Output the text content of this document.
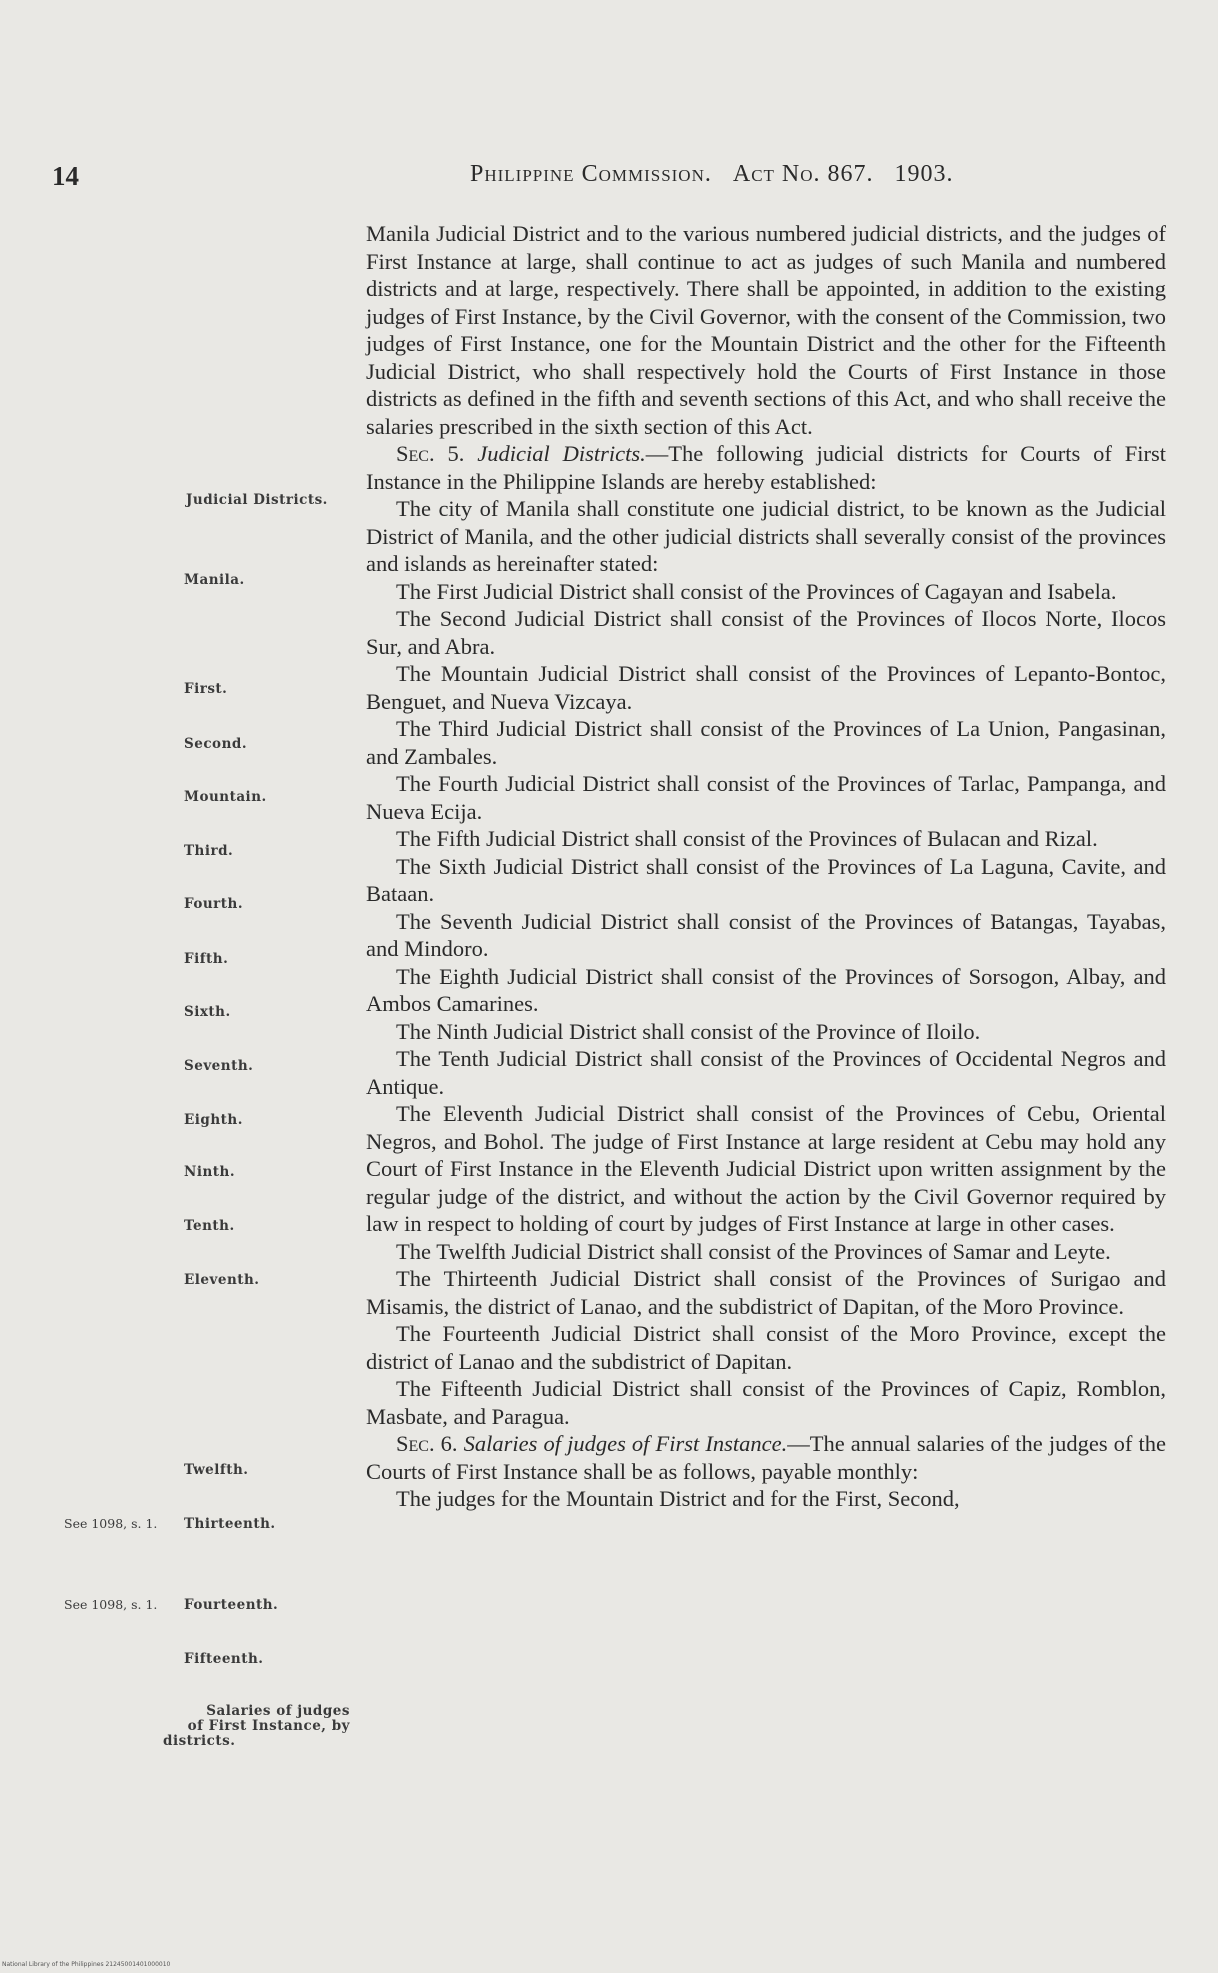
14	Philippine Commission. Act No. 867. 1903.
Judicial Districts.
Manila.
First.
Second.
Mountain.
Third.
Fourth.
Fifth.
Sixth.
Seventh.
Eighth.
Ninth.
Tenth.
Eleventh.
Twelfth.
Thirteenth.
Fourteenth.
Fifteenth.
Salaries of judges
of First Instance, by
districts.
See 1098, s. 1.
See 1098, s. 1.

Manila Judicial District and to the various numbered judicial districts, and the judges of First Instance at large, shall continue to act as judges of such Manila and numbered districts and at large, respectively. There shall be appointed, in addition to the existing judges of First Instance, by the Civil Governor, with the consent of the Commission, two judges of First Instance, one for the Mountain District and the other for the Fifteenth Judicial District, who shall respectively hold the Courts of First Instance in those districts as defined in the fifth and seventh sections of this Act, and who shall receive the salaries prescribed in the sixth section of this Act.

Sec. 5. Judicial Districts.—The following judicial districts for Courts of First Instance in the Philippine Islands are hereby established:

The city of Manila shall constitute one judicial district, to be known as the Judicial District of Manila, and the other judicial districts shall severally consist of the provinces and islands as hereinafter stated:

The First Judicial District shall consist of the Provinces of Cagayan and Isabela.

The Second Judicial District shall consist of the Provinces of Ilocos Norte, Ilocos Sur, and Abra.

The Mountain Judicial District shall consist of the Provinces of Lepanto-Bontoc, Benguet, and Nueva Vizcaya.

The Third Judicial District shall consist of the Provinces of La Union, Pangasinan, and Zambales.

The Fourth Judicial District shall consist of the Provinces of Tarlac, Pampanga, and Nueva Ecija.

The Fifth Judicial District shall consist of the Provinces of Bulacan and Rizal.

The Sixth Judicial District shall consist of the Provinces of La Laguna, Cavite, and Bataan.

The Seventh Judicial District shall consist of the Provinces of Batangas, Tayabas, and Mindoro.

The Eighth Judicial District shall consist of the Provinces of Sorsogon, Albay, and Ambos Camarines.

The Ninth Judicial District shall consist of the Province of Iloilo.

The Tenth Judicial District shall consist of the Provinces of Occidental Negros and Antique.

The Eleventh Judicial District shall consist of the Provinces of Cebu, Oriental Negros, and Bohol. The judge of First Instance at large resident at Cebu may hold any Court of First Instance in the Eleventh Judicial District upon written assignment by the regular judge of the district, and without the action by the Civil Governor required by law in respect to holding of court by judges of First Instance at large in other cases.

The Twelfth Judicial District shall consist of the Provinces of Samar and Leyte.

The Thirteenth Judicial District shall consist of the Provinces of Surigao and Misamis, the district of Lanao, and the subdistrict of Dapitan, of the Moro Province.

The Fourteenth Judicial District shall consist of the Moro Province, except the district of Lanao and the subdistrict of Dapitan.

The Fifteenth Judicial District shall consist of the Provinces of Capiz, Romblon, Masbate, and Paragua.

Sec. 6. Salaries of judges of First Instance.—The annual salaries of the judges of the Courts of First Instance shall be as follows, payable monthly:

The judges for the Mountain District and for the First, Second,

National Library of the Philippines 21245001401000010
